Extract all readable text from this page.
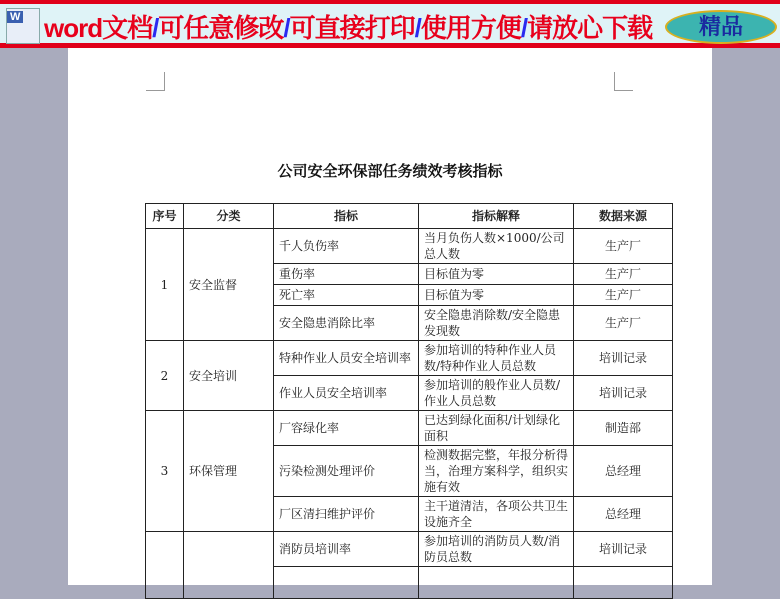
W word文档/可任意修改/可直接打印/使用方便/请放心下载	精品
公司安全环保部任务绩效考核指标
序号	分类	指标	指标解释	数据来源
1	安全监督	千人负伤率	当月负伤人数×1000/公司总人数	生产厂
		重伤率	目标值为零	生产厂
		死亡率	目标值为零	生产厂
		安全隐患消除比率	安全隐患消除数/安全隐患发现数	生产厂
2	安全培训	特种作业人员安全培训率	参加培训的特种作业人员数/特种作业人员总数	培训记录
		作业人员安全培训率	参加培训的般作业人员数/作业人员总数	培训记录
3	环保管理	厂容绿化率	已达到绿化面积/计划绿化面积	制造部
		污染检测处理评价	检测数据完整，年报分析得当，治理方案科学，组织实施有效	总经理
		厂区清扫维护评价	主干道清洁，各项公共卫生设施齐全	总经理
		消防员培训率	参加培训的消防员人数/消防员总数	培训记录
